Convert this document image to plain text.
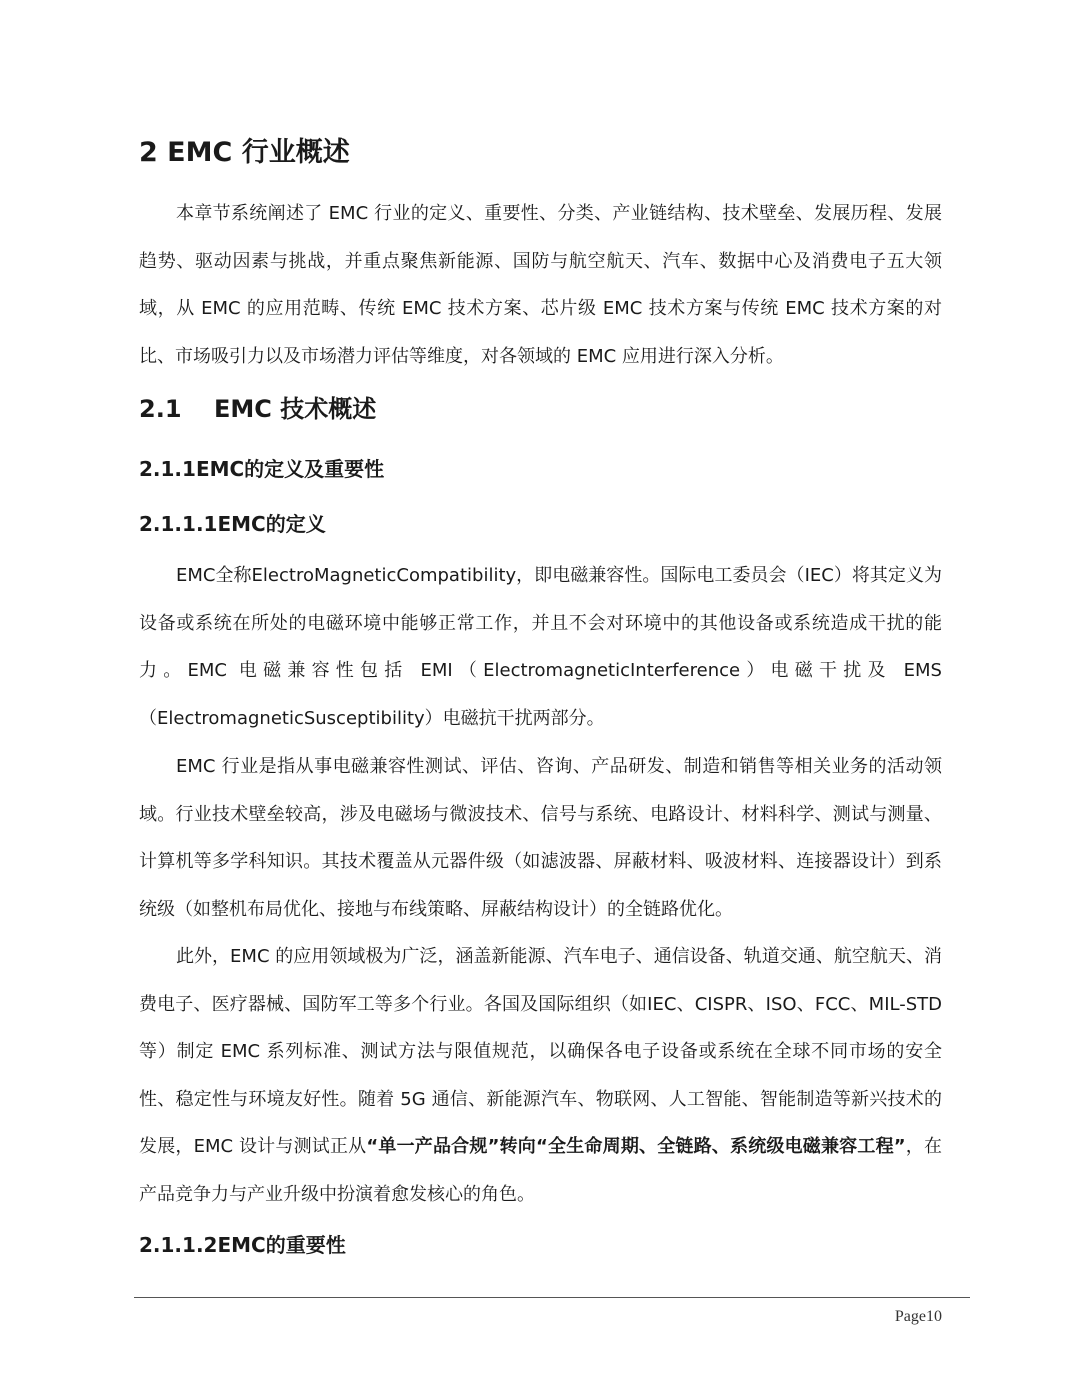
2 EMC 行业概述

本章节系统阐述了 EMC 行业的定义、重要性、分类、产业链结构、技术壁垒、发展历程、发展趋势、驱动因素与挑战，并重点聚焦新能源、国防与航空航天、汽车、数据中心及消费电子五大领域，从 EMC 的应用范畴、传统 EMC 技术方案、芯片级 EMC 技术方案与传统 EMC 技术方案的对比、市场吸引力以及市场潜力评估等维度，对各领域的 EMC 应用进行深入分析。

2.1 EMC 技术概述
2.1.1EMC的定义及重要性
2.1.1.1EMC的定义

EMC全称ElectroMagneticCompatibility，即电磁兼容性。国际电工委员会（IEC）将其定义为设备或系统在所处的电磁环境中能够正常工作，并且不会对环境中的其他设备或系统造成干扰的能力。EMC 电磁兼容性包括 EMI（ElectromagneticInterference）电磁干扰及 EMS（ElectromagneticSusceptibility）电磁抗干扰两部分。

EMC 行业是指从事电磁兼容性测试、评估、咨询、产品研发、制造和销售等相关业务的活动领域。行业技术壁垒较高，涉及电磁场与微波技术、信号与系统、电路设计、材料科学、测试与测量、计算机等多学科知识。其技术覆盖从元器件级（如滤波器、屏蔽材料、吸波材料、连接器设计）到系统级（如整机布局优化、接地与布线策略、屏蔽结构设计）的全链路优化。

此外，EMC 的应用领域极为广泛，涵盖新能源、汽车电子、通信设备、轨道交通、航空航天、消费电子、医疗器械、国防军工等多个行业。各国及国际组织（如IEC、CISPR、ISO、FCC、MIL-STD 等）制定 EMC 系列标准、测试方法与限值规范，以确保各电子设备或系统在全球不同市场的安全性、稳定性与环境友好性。随着 5G 通信、新能源汽车、物联网、人工智能、智能制造等新兴技术的发展，EMC 设计与测试正从“单一产品合规”转向“全生命周期、全链路、系统级电磁兼容工程”，在产品竞争力与产业升级中扮演着愈发核心的角色。

2.1.1.2EMC的重要性
Page10
